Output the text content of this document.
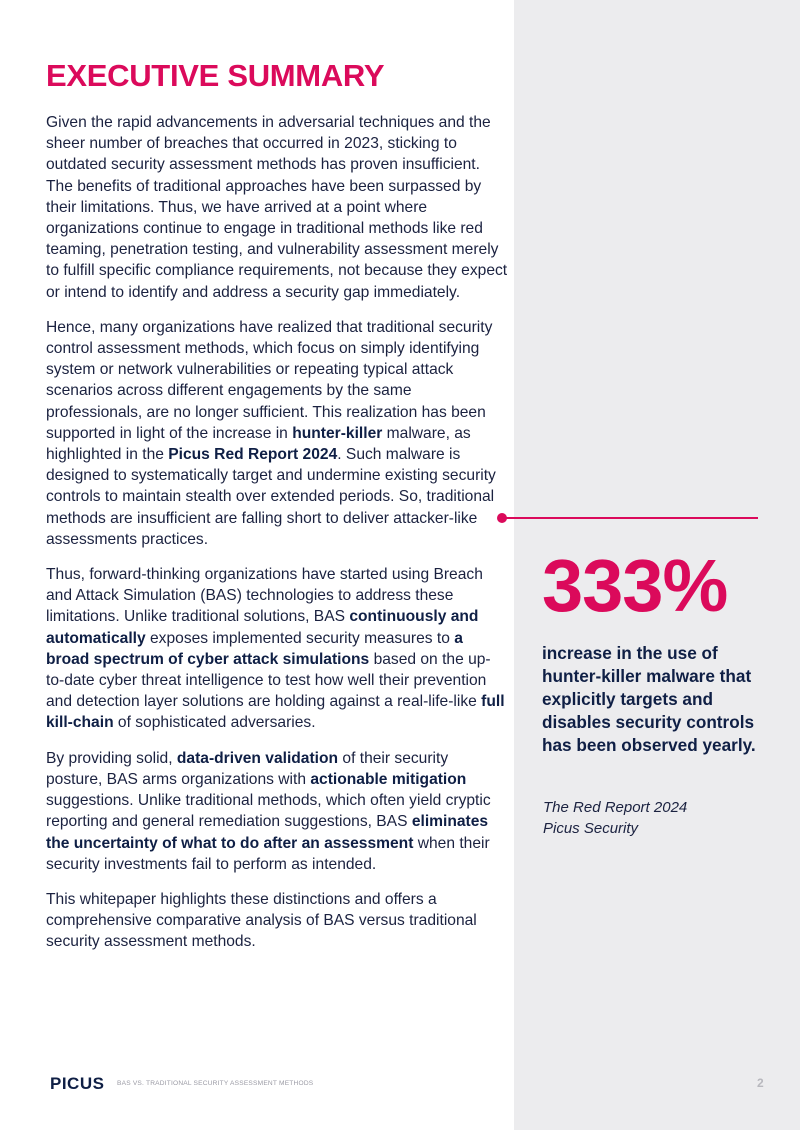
EXECUTIVE SUMMARY

Given the rapid advancements in adversarial techniques and the sheer number of breaches that occurred in 2023, sticking to outdated security assessment methods has proven insufficient. The benefits of traditional approaches have been surpassed by their limitations. Thus, we have arrived at a point where organizations continue to engage in traditional methods like red teaming, penetration testing, and vulnerability assessment merely to fulfill specific compliance requirements, not because they expect or intend to identify and address a security gap immediately.

Hence, many organizations have realized that traditional security control assessment methods, which focus on simply identifying system or network vulnerabilities or repeating typical attack scenarios across different engagements by the same professionals, are no longer sufficient. This realization has been supported in light of the increase in hunter-killer malware, as highlighted in the Picus Red Report 2024. Such malware is designed to systematically target and undermine existing security controls to maintain stealth over extended periods. So, traditional methods are insufficient are falling short to deliver attacker-like assessments practices.

Thus, forward-thinking organizations have started using Breach and Attack Simulation (BAS) technologies to address these limitations. Unlike traditional solutions, BAS continuously and automatically exposes implemented security measures to a broad spectrum of cyber attack simulations based on the up-to-date cyber threat intelligence to test how well their prevention and detection layer solutions are holding against a real-life-like full kill-chain of sophisticated adversaries.

By providing solid, data-driven validation of their security posture, BAS arms organizations with actionable mitigation suggestions. Unlike traditional methods, which often yield cryptic reporting and general remediation suggestions, BAS eliminates the uncertainty of what to do after an assessment when their security investments fail to perform as intended.

This whitepaper highlights these distinctions and offers a comprehensive comparative analysis of BAS versus traditional security assessment methods.

333%
increase in the use of hunter-killer malware that explicitly targets and disables security controls has been observed yearly.
The Red Report 2024
Picus Security
PICUS BAS VS. TRADITIONAL SECURITY ASSESSMENT METHODS	2
